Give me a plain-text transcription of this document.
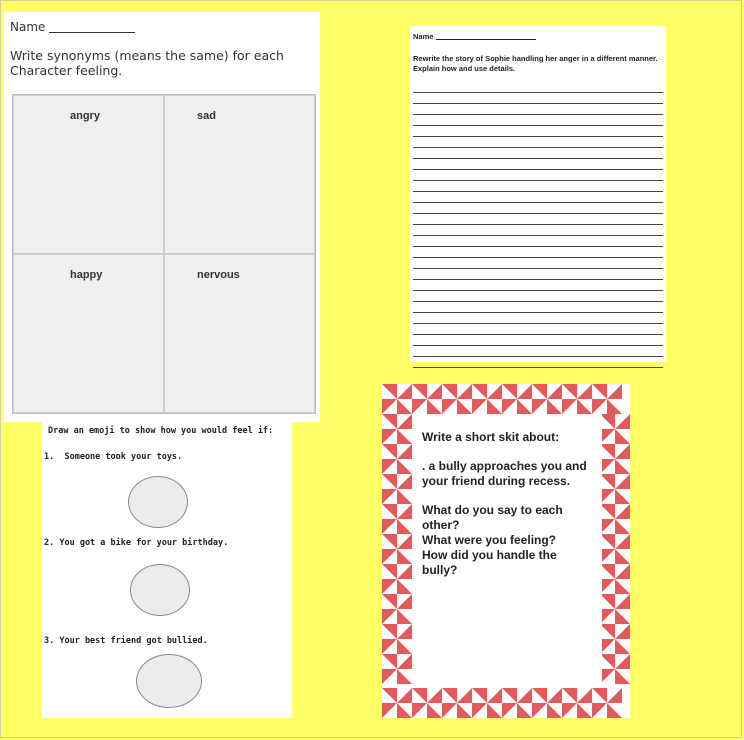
Name
Write synonyms (means the same) for each Character feeling.
angry	sad
happy	nervous
Name
Rewrite the story of Sophie handling her anger in a different manner. Explain how and use details.
Draw an emoji to show how you would feel if:
1.  Someone took your toys.
2. You got a bike for your birthday.
3. Your best friend got bullied.

Write a short skit about:

. a bully approaches you and your friend during recess.

What do you say to each other?

What were you feeling?

How did you handle the bully?
